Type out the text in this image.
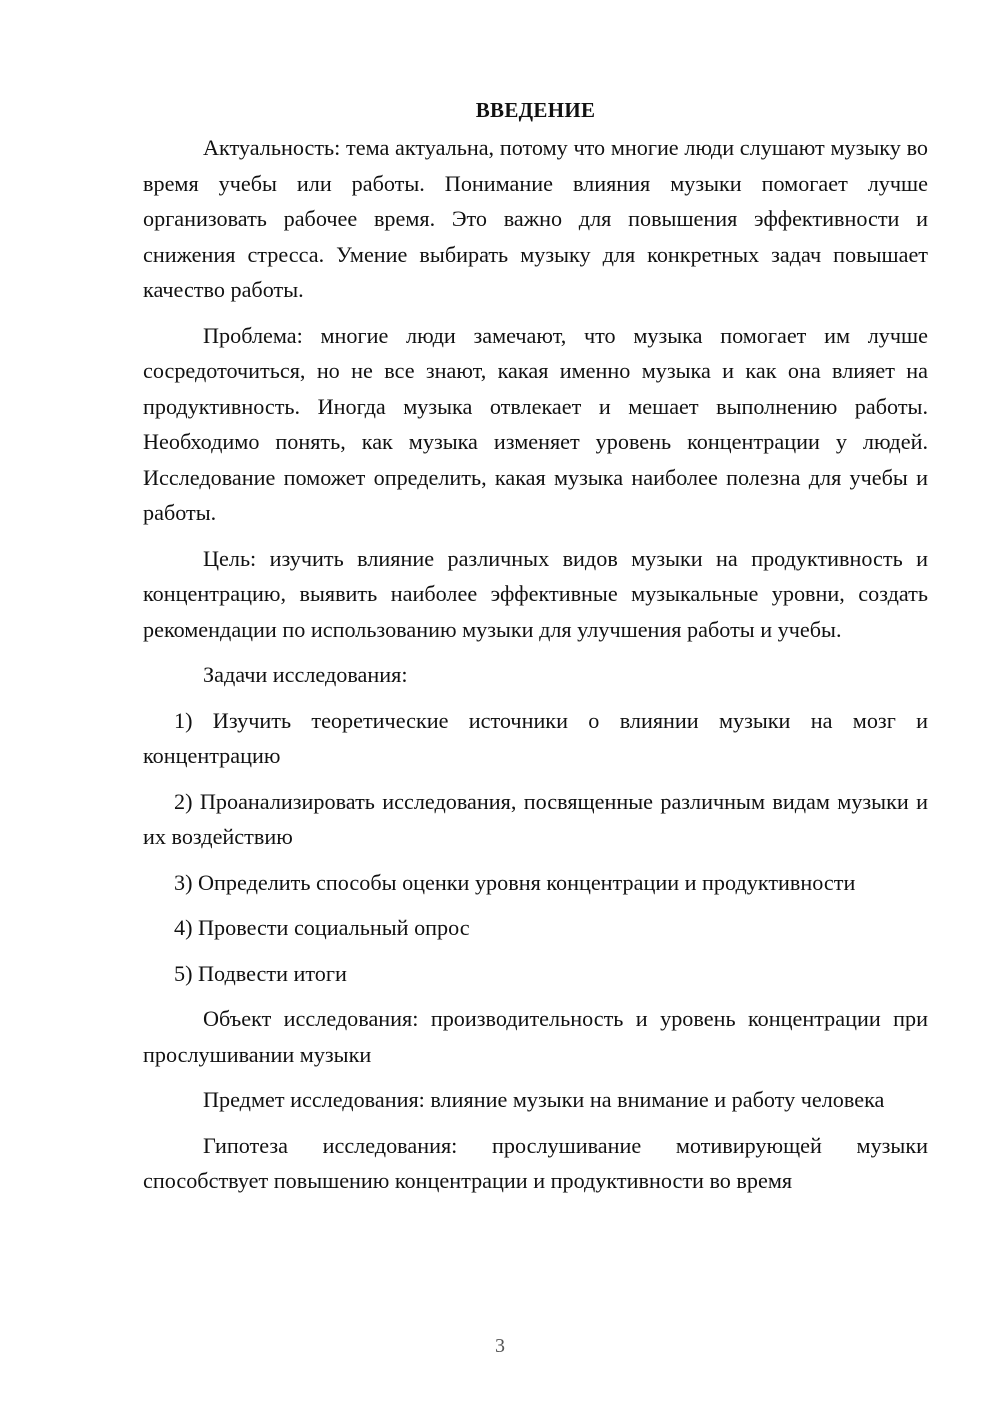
ВВЕДЕНИЕ

Актуальность: тема актуальна, потому что многие люди слушают музыку во время учебы или работы. Понимание влияния музыки помогает лучше организовать рабочее время. Это важно для повышения эффективности и снижения стресса. Умение выбирать музыку для конкретных задач повышает качество работы.

Проблема: многие люди замечают, что музыка помогает им лучше сосредоточиться, но не все знают, какая именно музыка и как она влияет на продуктивность. Иногда музыка отвлекает и мешает выполнению работы. Необходимо понять, как музыка изменяет уровень концентрации у людей. Исследование поможет определить, какая музыка наиболее полезна для учебы и работы.

Цель: изучить влияние различных видов музыки на продуктивность и концентрацию, выявить наиболее эффективные музыкальные уровни, создать рекомендации по использованию музыки для улучшения работы и учебы.

Задачи исследования:

1) Изучить теоретические источники о влиянии музыки на мозг и концентрацию

2) Проанализировать исследования, посвященные различным видам музыки и их воздействию

3) Определить способы оценки уровня концентрации и продуктивности

4) Провести социальный опрос

5) Подвести итоги

Объект исследования: производительность и уровень концентрации при прослушивании музыки

Предмет исследования: влияние музыки на внимание и работу человека

Гипотеза исследования: прослушивание мотивирующей музыки способствует повышению концентрации и продуктивности во время

3
